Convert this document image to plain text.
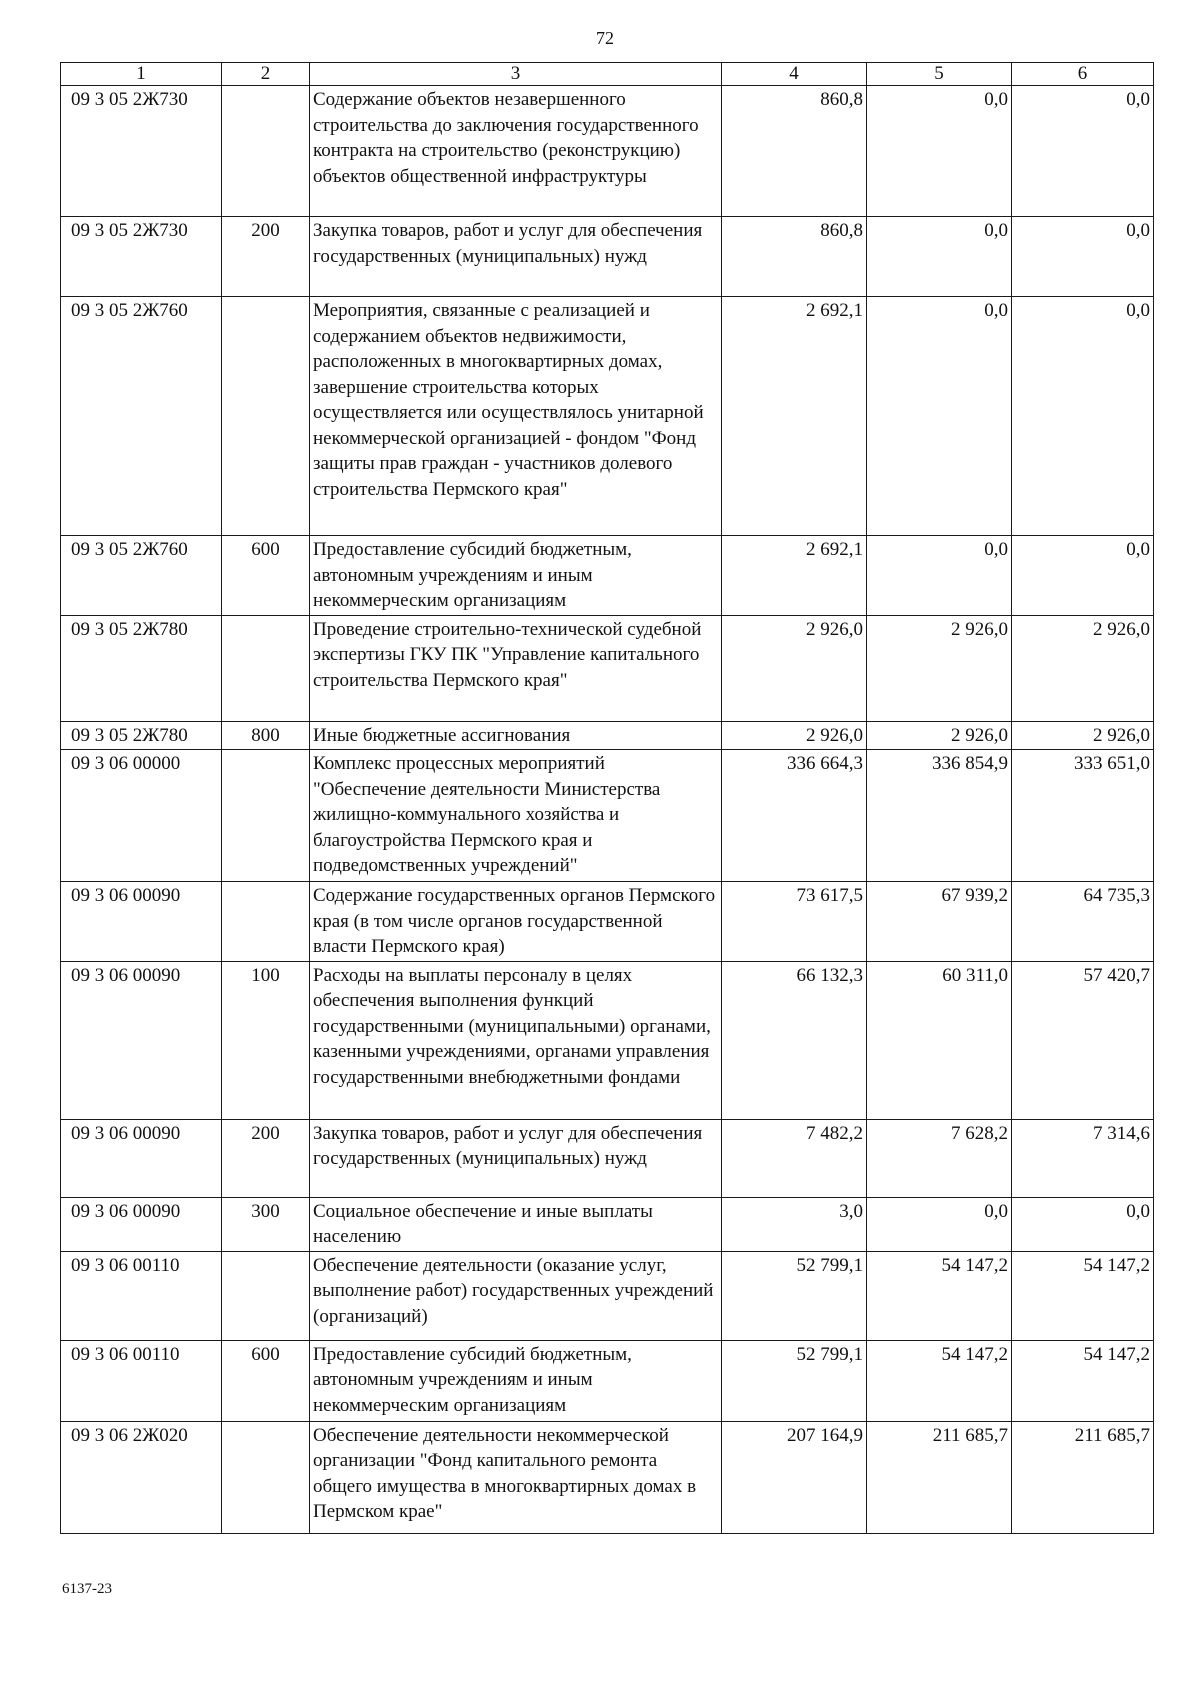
72
1	2	3	4	5	6
09 3 05 2Ж730		Содержание объектов незавершенного строительства до заключения государственного контракта на строительство (реконструкцию) объектов общественной инфраструктуры	860,8	0,0	0,0
09 3 05 2Ж730	200	Закупка товаров, работ и услуг для обеспечения государственных (муниципальных) нужд	860,8	0,0	0,0
09 3 05 2Ж760		Мероприятия, связанные с реализацией и содержанием объектов недвижимости, расположенных в многоквартирных домах, завершение строительства которых осуществляется или осуществлялось унитарной некоммерческой организацией - фондом "Фонд защиты прав граждан - участников долевого строительства Пермского края"	2 692,1	0,0	0,0
09 3 05 2Ж760	600	Предоставление субсидий бюджетным, автономным учреждениям и иным некоммерческим организациям	2 692,1	0,0	0,0
09 3 05 2Ж780		Проведение строительно-технической судебной экспертизы ГКУ ПК "Управление капитального строительства Пермского края"	2 926,0	2 926,0	2 926,0
09 3 05 2Ж780	800	Иные бюджетные ассигнования	2 926,0	2 926,0	2 926,0
09 3 06 00000		Комплекс процессных мероприятий "Обеспечение деятельности Министерства жилищно-коммунального хозяйства и благоустройства Пермского края и подведомственных учреждений"	336 664,3	336 854,9	333 651,0
09 3 06 00090		Содержание государственных органов Пермского края (в том числе органов государственной власти Пермского края)	73 617,5	67 939,2	64 735,3
09 3 06 00090	100	Расходы на выплаты персоналу в целях обеспечения выполнения функций государственными (муниципальными) органами, казенными учреждениями, органами управления государственными внебюджетными фондами	66 132,3	60 311,0	57 420,7
09 3 06 00090	200	Закупка товаров, работ и услуг для обеспечения государственных (муниципальных) нужд	7 482,2	7 628,2	7 314,6
09 3 06 00090	300	Социальное обеспечение и иные выплаты населению	3,0	0,0	0,0
09 3 06 00110		Обеспечение деятельности (оказание услуг, выполнение работ) государственных учреждений (организаций)	52 799,1	54 147,2	54 147,2
09 3 06 00110	600	Предоставление субсидий бюджетным, автономным учреждениям и иным некоммерческим организациям	52 799,1	54 147,2	54 147,2
09 3 06 2Ж020		Обеспечение деятельности некоммерческой организации "Фонд капитального ремонта общего имущества в многоквартирных домах в Пермском крае"	207 164,9	211 685,7	211 685,7
6137-23
